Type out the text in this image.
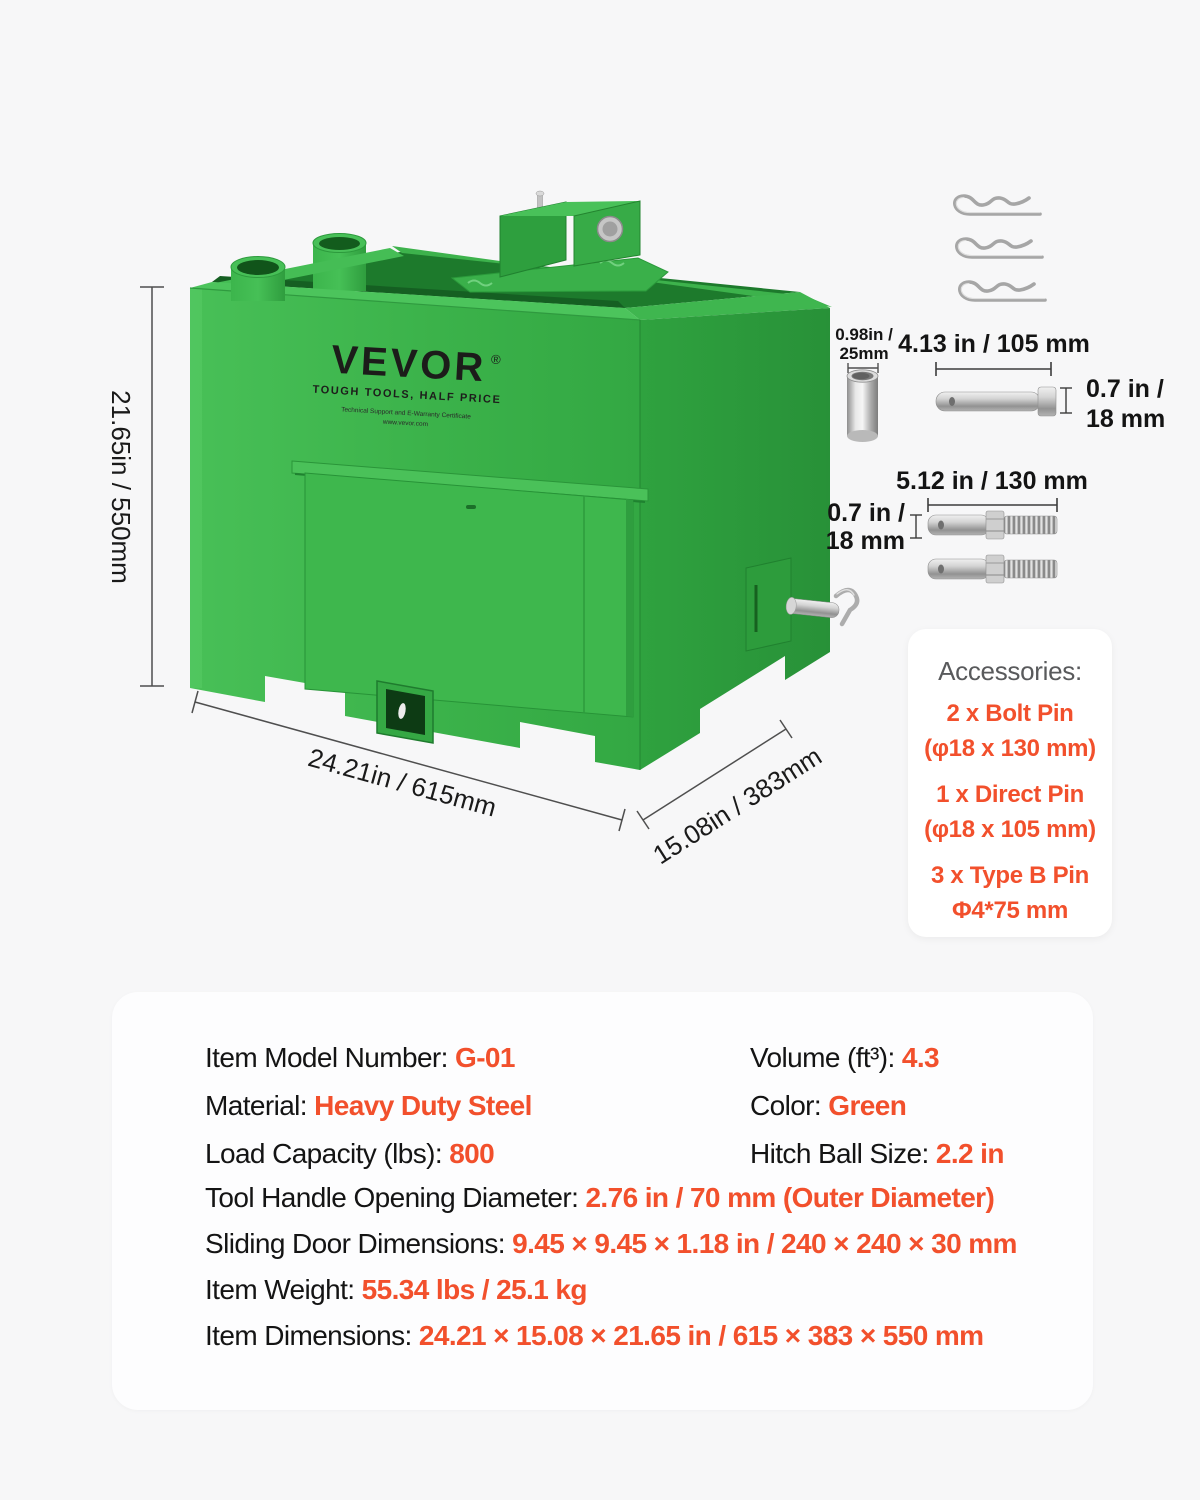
21.65in / 550mm
VEVOR ®
TOUGH TOOLS, HALF PRICE
Technical Support and E-Warranty Certificate
www.vevor.com
24.21in / 615mm	15.08in / 383mm
0.98in /
25mm 4.13 in / 105 mm
0.7 in /
18 mm
5.12 in / 130 mm
0.7 in /
18 mm
Accessories:
2 x Bolt Pin
(φ18 x 130 mm)
1 x Direct Pin
(φ18 x 105 mm)
3 x Type B Pin
Φ4*75 mm
Item Model Number: G-01
Material: Heavy Duty Steel
Load Capacity (lbs): 800
Volume (ft³): 4.3
Color: Green
Hitch Ball Size: 2.2 in
Tool Handle Opening Diameter: 2.76 in / 70 mm (Outer Diameter)
Sliding Door Dimensions: 9.45 × 9.45 × 1.18 in / 240 × 240 × 30 mm
Item Weight: 55.34 lbs / 25.1 kg
Item Dimensions: 24.21 × 15.08 × 21.65 in / 615 × 383 × 550 mm
